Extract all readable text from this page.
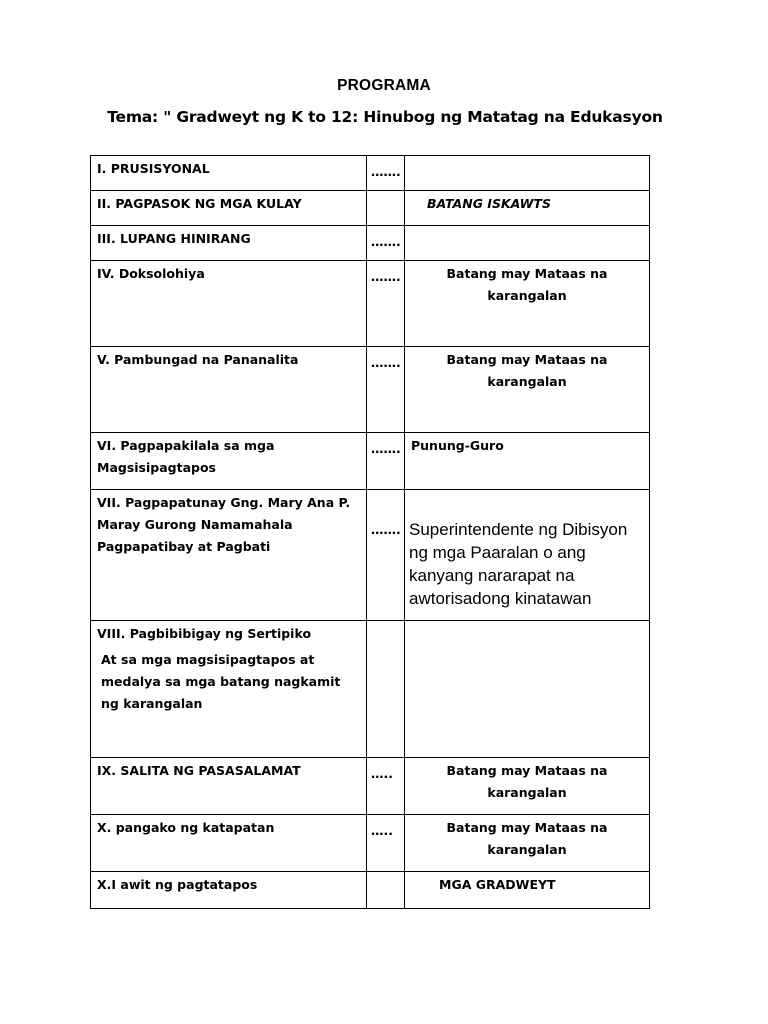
PROGRAMA
Tema: " Gradweyt ng K to 12: Hinubog ng Matatag na Edukasyon
I. PRUSISYONAL	…….	
II. PAGPASOK NG MGA KULAY		BATANG ISKAWTS
III. LUPANG HINIRANG	…….	
IV. Doksolohiya	…….	Batang may Mataas na karangalan
V. Pambungad na Pananalita	…….	Batang may Mataas na karangalan
VI. Pagpapakilala sa mga Magsisipagtapos	…….	Punung-Guro
VII. Pagpapatunay Gng. Mary Ana P. Maray Gurong Namamahala Pagpapatibay at Pagbati	…….	Superintendente ng Dibisyon ng mga Paaralan o ang kanyang nararapat na awtorisadong kinatawan

VIII. Pagbibibigay ng Sertipiko
At sa mga magsisipagtapos at medalya sa mga batang nagkamit ng karangalan		

IX. SALITA NG PASASALAMAT	…..	Batang may Mataas na karangalan
X. pangako ng katapatan	…..	Batang may Mataas na karangalan
X.I awit ng pagtatapos		MGA GRADWEYT
